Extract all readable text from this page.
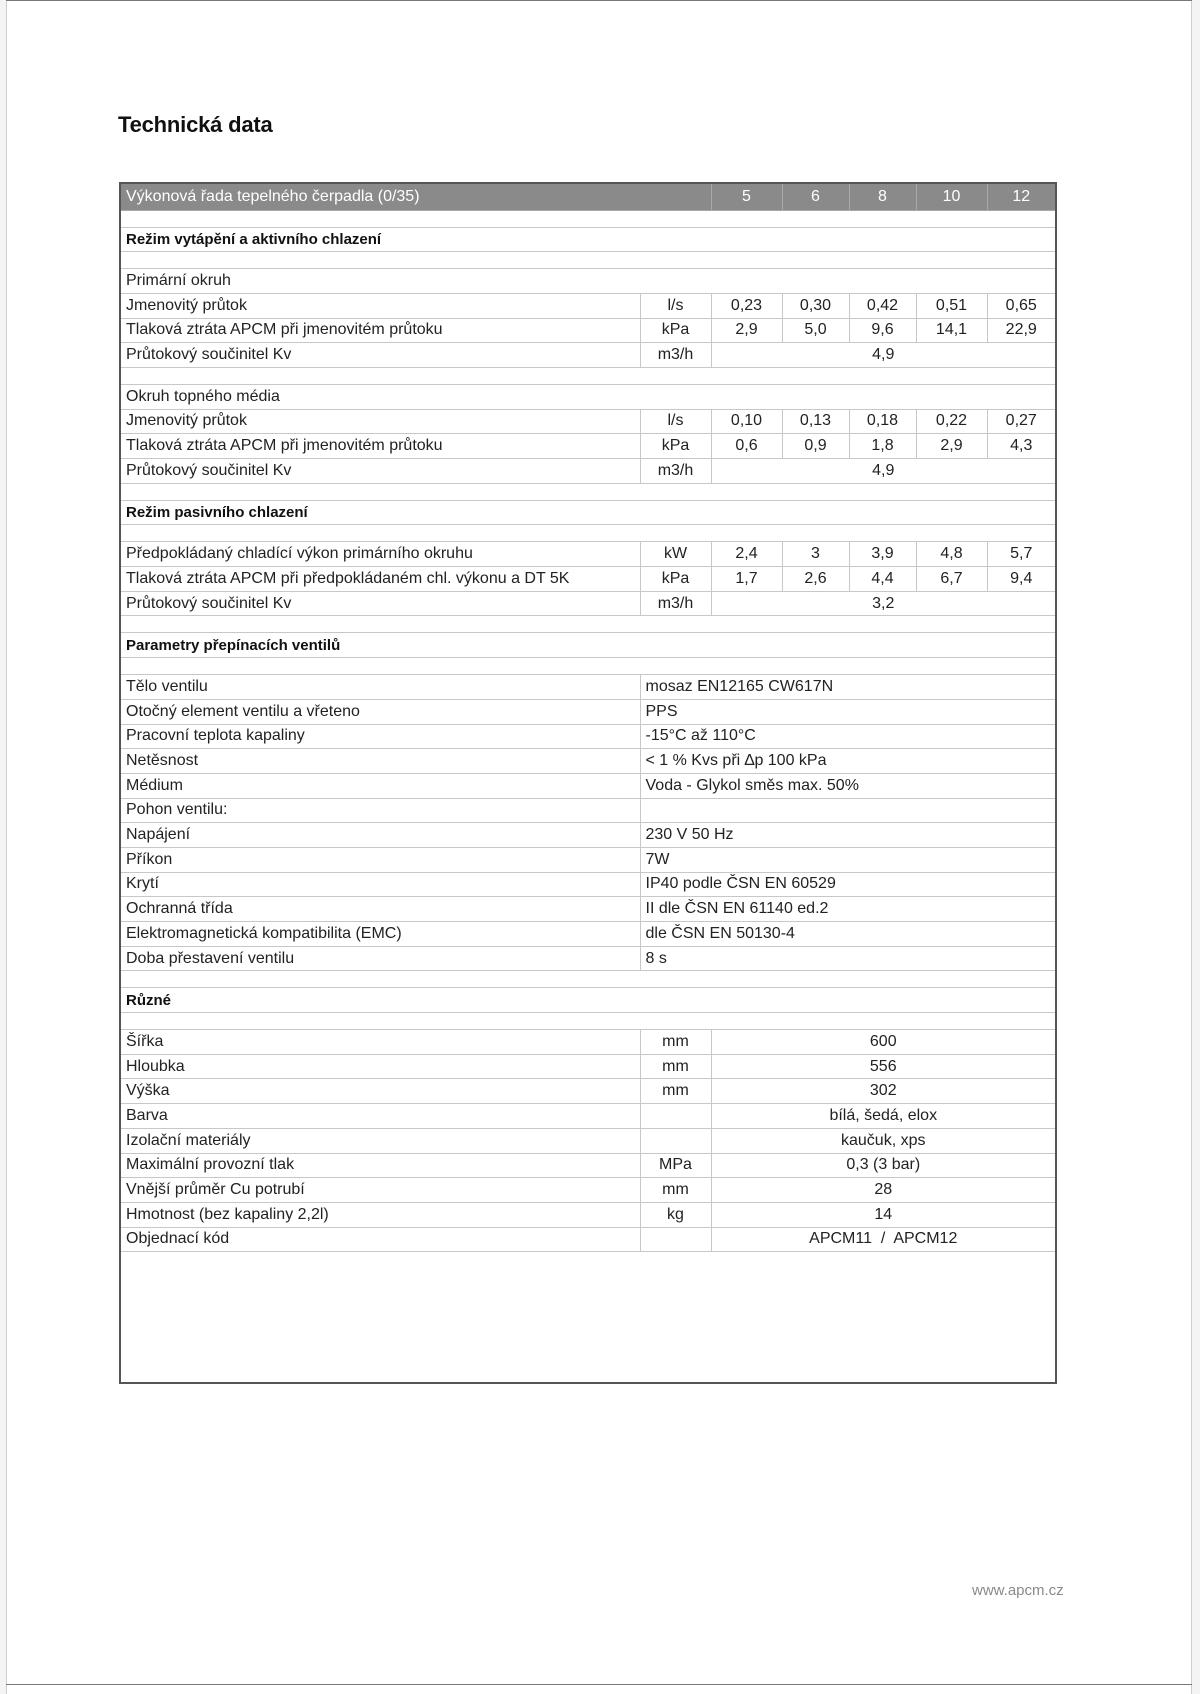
Technická data
Výkonová řada tepelného čerpadla (0/35)		5	6	8	10	12

Režim vytápění a aktivního chlazení						

Primární okruh						
Jmenovitý průtok	l/s	0,23	0,30	0,42	0,51	0,65
Tlaková ztráta APCM při jmenovitém průtoku	kPa	2,9	5,0	9,6	14,1	22,9
Průtokový součinitel Kv	m3/h	4,9				

Okruh topného média						
Jmenovitý průtok	l/s	0,10	0,13	0,18	0,22	0,27
Tlaková ztráta APCM při jmenovitém průtoku	kPa	0,6	0,9	1,8	2,9	4,3
Průtokový součinitel Kv	m3/h	4,9				

Režim pasivního chlazení						

Předpokládaný chladící výkon primárního okruhu	kW	2,4	3	3,9	4,8	5,7
Tlaková ztráta APCM při předpokládaném chl. výkonu a DT 5K	kPa	1,7	2,6	4,4	6,7	9,4
Průtokový součinitel Kv	m3/h	3,2				

Parametry přepínacích ventilů						

Tělo ventilu	mosaz EN12165 CW617N					
Otočný element ventilu a vřeteno	PPS					
Pracovní teplota kapaliny	-15°C až 110°C					
Netěsnost	< 1 % Kvs při ∆p 100 kPa					
Médium	Voda - Glykol směs max. 50%					
Pohon ventilu:						
Napájení	230 V 50 Hz					
Příkon	7W					
Krytí	IP40 podle ČSN EN 60529					
Ochranná třída	II dle ČSN EN 61140 ed.2					
Elektromagnetická kompatibilita (EMC)	dle ČSN EN 50130-4					
Doba přestavení ventilu	8 s					

Různé						

Šířka	mm	600				
Hloubka	mm	556				
Výška	mm	302				
Barva		bílá, šedá, elox				
Izolační materiály		kaučuk, xps				
Maximální provozní tlak	MPa	0,3 (3 bar)				
Vnější průměr Cu potrubí	mm	28				
Hmotnost (bez kapaliny 2,2l)	kg	14				
Objednací kód		APCM11  /  APCM12				

www.apcm.cz
